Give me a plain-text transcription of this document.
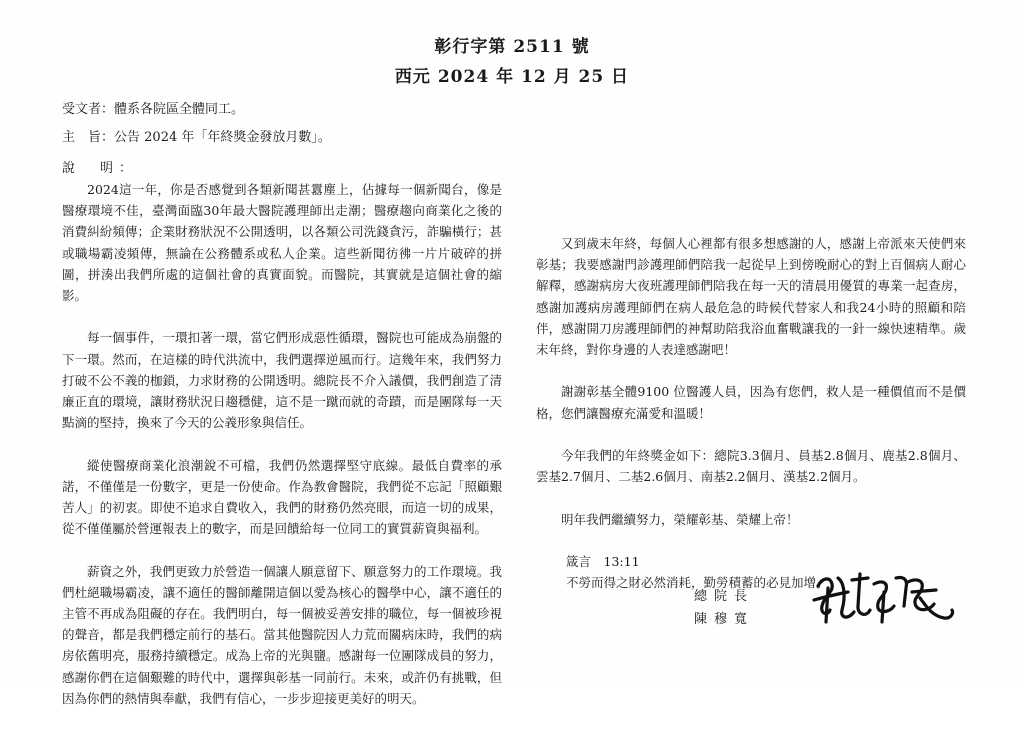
彰行字第 2511 號
西元 2024 年 12 月 25 日
受文者：體系各院區全體同工。
主　旨：公告 2024 年「年終獎金發放月數」。
說　明：

2024這一年，你是否感覺到各類新聞甚囂塵上，佔據每一個新聞台，像是醫療環境不佳，臺灣面臨30年最大醫院護理師出走潮；醫療趨向商業化之後的消費糾紛頻傳；企業財務狀況不公開透明，以各類公司洗錢貪污，詐騙橫行；甚或職場霸凌頻傳，無論在公務體系或私人企業。這些新聞彷彿一片片破碎的拼圖，拼湊出我們所處的這個社會的真實面貌。而醫院，其實就是這個社會的縮影。

每一個事件，一環扣著一環，當它們形成惡性循環，醫院也可能成為崩盤的下一環。然而，在這樣的時代洪流中，我們選擇逆風而行。這幾年來，我們努力打破不公不義的枷鎖，力求財務的公開透明。總院長不介入議價，我們創造了清廉正直的環境，讓財務狀況日趨穩健，這不是一蹴而就的奇蹟，而是團隊每一天點滴的堅持，換來了今天的公義形象與信任。

縱使醫療商業化浪潮銳不可檔，我們仍然選擇堅守底線。最低自費率的承諾，不僅僅是一份數字，更是一份使命。作為教會醫院，我們從不忘記「照顧艱苦人」的初衷。即使不追求自費收入，我們的財務仍然亮眼，而這一切的成果，從不僅僅屬於營運報表上的數字，而是回饋給每一位同工的實質薪資與福利。

薪資之外，我們更致力於營造一個讓人願意留下、願意努力的工作環境。我們杜絕職場霸凌，讓不適任的醫師離開這個以愛為核心的醫學中心，讓不適任的主管不再成為阻礙的存在。我們明白，每一個被妥善安排的職位，每一個被珍視的聲音，都是我們穩定前行的基石。當其他醫院因人力荒而關病床時，我們的病房依舊明亮，服務持續穩定。成為上帝的光與鹽。感謝每一位團隊成員的努力，感謝你們在這個艱難的時代中，選擇與彰基一同前行。未來，或許仍有挑戰，但因為你們的熱情與奉獻，我們有信心，一步步迎接更美好的明天。

又到歲末年終，每個人心裡都有很多想感謝的人，感謝上帝派來天使們來彰基；我要感謝門診護理師們陪我一起從早上到傍晚耐心的對上百個病人耐心解釋，感謝病房大夜班護理師們陪我在每一天的清晨用優質的專業一起查房，感謝加護病房護理師們在病人最危急的時候代替家人和我24小時的照顧和陪伴，感謝開刀房護理師們的神幫助陪我浴血奮戰讓我的一針一線快速精準。歲末年終，對你身邊的人表達感謝吧！

謝謝彰基全體9100 位醫護人員，因為有您們，救人是一種價值而不是價格，您們讓醫療充滿愛和溫暖！

今年我們的年終獎金如下：總院3.3個月、員基2.8個月、鹿基2.8個月、雲基2.7個月、二基2.6個月、南基2.2個月、漢基2.2個月。

明年我們繼續努力，榮耀彰基、榮耀上帝！

箴言　13:11
不勞而得之財必然消耗，勤勞積蓄的必見加增。
總院長
陳穆寬
